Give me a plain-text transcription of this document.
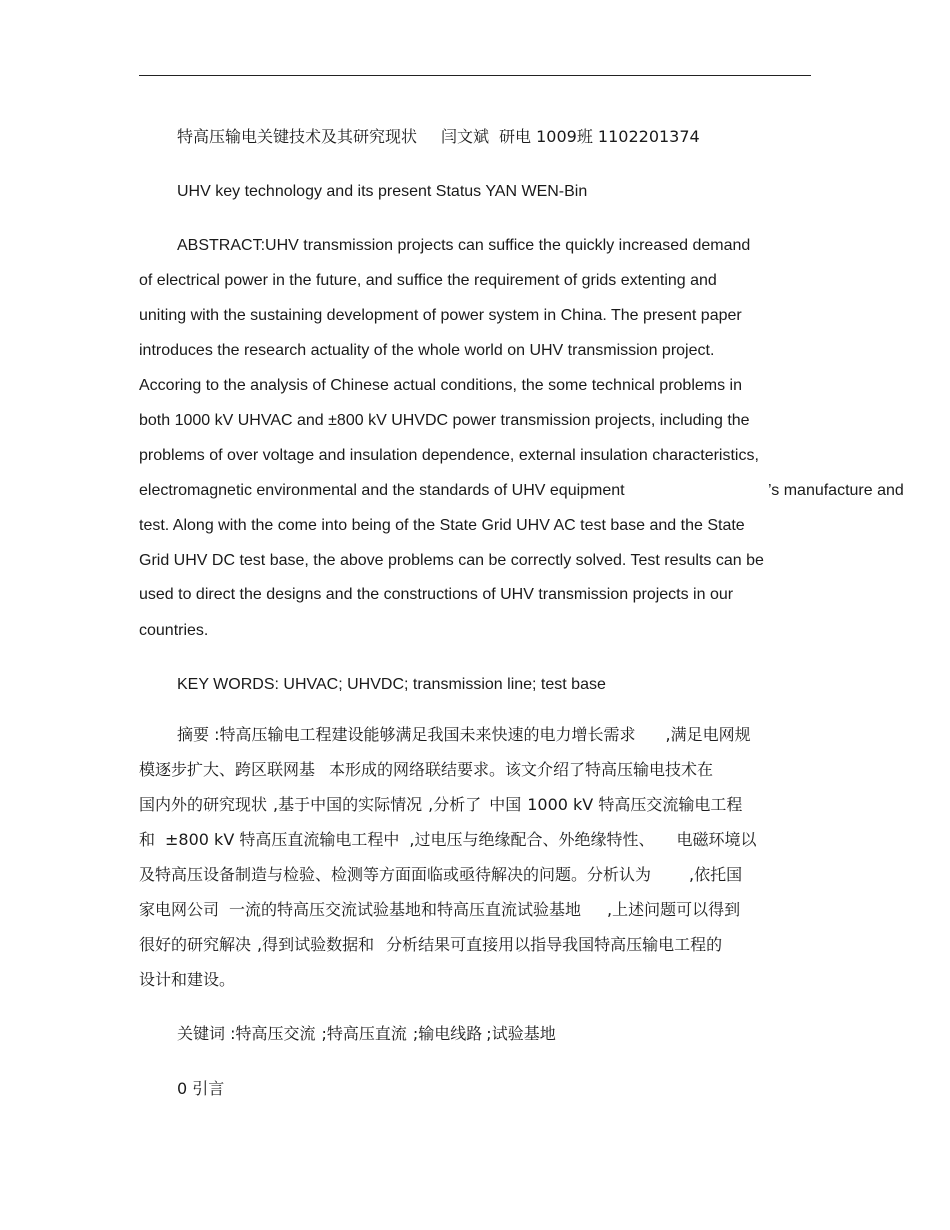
特高压输电关键技术及其研究现状 闫文斌 研电 1009班 1102201374
UHV key technology and its present Status YAN WEN-Bin
ABSTRACT:UHV transmission projects can suffice the quickly increased demand
of electrical power in the future, and suffice the requirement of grids extenting and
uniting with the sustaining development of power system in China. The present paper
introduces the research actuality of the whole world on UHV transmission project.
Accoring to the analysis of Chinese actual conditions, the some technical problems in
both 1000 kV UHVAC and ±800 kV UHVDC power transmission projects, including the
problems of over voltage and insulation dependence, external insulation characteristics,
electromagnetic environmental and the standards of UHV equipment	’s manufacture and
test. Along with the come into being of the State Grid UHV AC test base and the State
Grid UHV DC test base, the above problems can be correctly solved. Test results can be
used to direct the designs and the constructions of UHV transmission projects in our
countries.
KEY WORDS: UHVAC; UHVDC; transmission line; test base
摘要 :特高压输电工程建设能够满足我国未来快速的电力增长需求 ,满足电网规
模逐步扩大、跨区联网基 本形成的网络联结要求。该文介绍了特高压输电技术在
国内外的研究现状 ,基于中国的实际情况 ,分析了 中国 1000 kV 特高压交流输电工程
和 ±800 kV 特高压直流输电工程中 ,过电压与绝缘配合、外绝缘特性、 电磁环境以
及特高压设备制造与检验、检测等方面面临或亟待解决的问题。分析认为 ,依托国
家电网公司 一流的特高压交流试验基地和特高压直流试验基地 ,上述问题可以得到
很好的研究解决 ,得到试验数据和 分析结果可直接用以指导我国特高压输电工程的
设计和建设。
关键词 :特高压交流 ;特高压直流 ;输电线路 ;试验基地
0 引言
